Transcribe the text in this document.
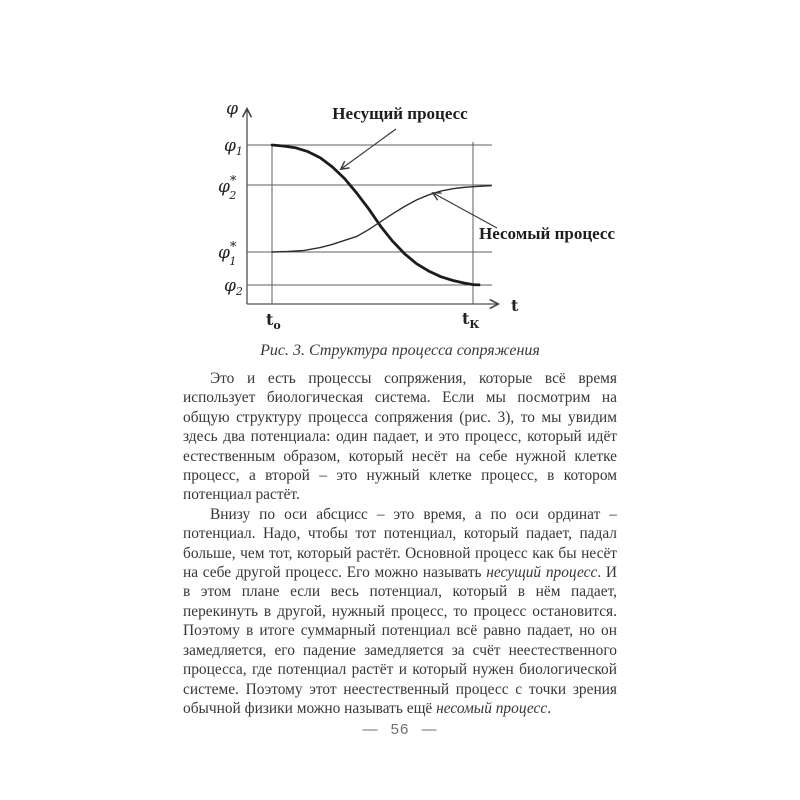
φ
t
$\varphi_1$
φ* 2
φ* 1
$\varphi_2$
$t_о$	$t_К$
Несущий процесс
Несомый процесс
Рис. 3. Структура процесса сопряжения

Это и есть процессы сопряжения, которые всё время использует биологическая система. Если мы посмотрим на общую структуру процесса сопряжения (рис. 3), то мы увидим здесь два потенциала: один падает, и это процесс, который идёт естественным образом, который несёт на себе нужной клетке процесс, а второй – это нужный клетке процесс, в котором потенциал растёт.

Внизу по оси абсцисс – это время, а по оси ординат – потенциал. Надо, чтобы тот потенциал, который падает, падал больше, чем тот, который растёт. Основной процесс как бы несёт на себе другой процесс. Его можно называть несущий процесс. И в этом плане если весь потенциал, который в нём падает, перекинуть в другой, нужный процесс, то процесс остановится. Поэтому в итоге суммарный потенциал всё равно падает, но он замедляется, его падение замедляется за счёт неестественного процесса, где потенциал растёт и который нужен биологической системе. Поэтому этот неестественный процесс с точки зрения обычной физики можно называть ещё несомый процесс.

— 56 —
